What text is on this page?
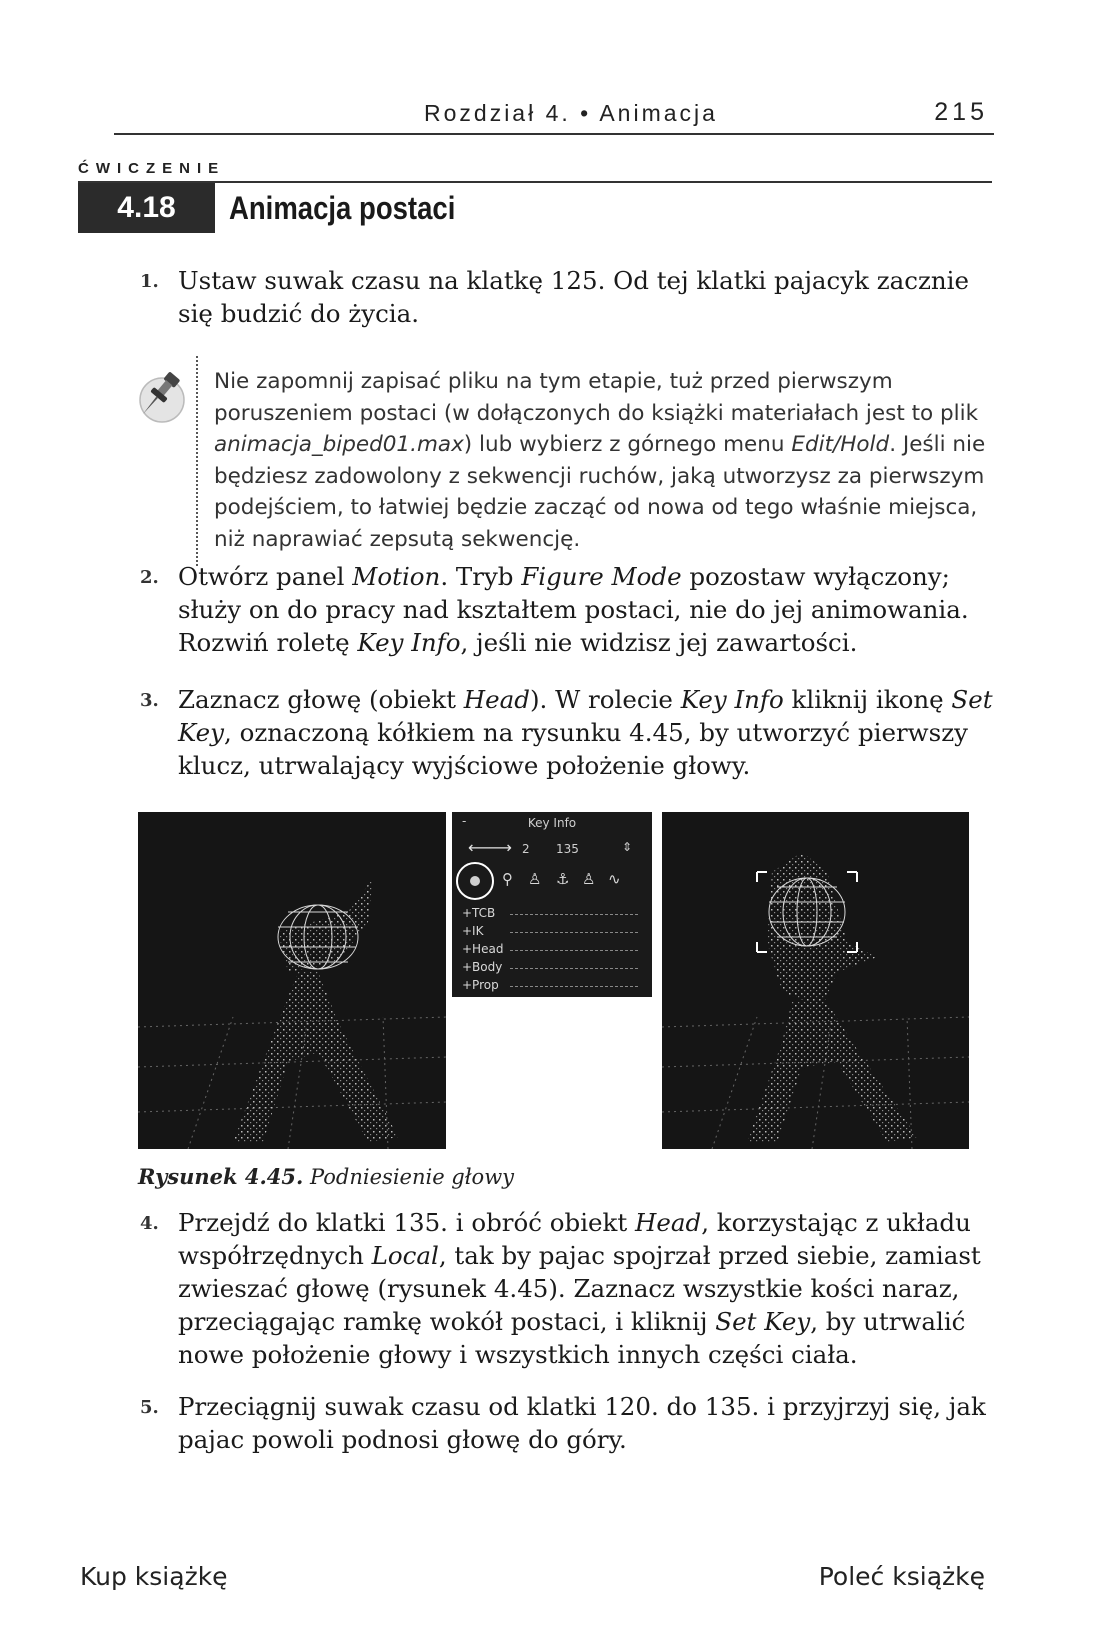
Rozdział 4. • Animacja	215
ĆWICZENIE
4.18	Animacja postaci
1. Ustaw suwak czasu na klatkę 125. Od tej klatki pajacyk zacznie się budzić do życia.
Nie zapomnij zapisać pliku na tym etapie, tuż przed pierwszym poruszeniem postaci (w dołączonych do książki materiałach jest to plik animacja_biped01.max) lub wybierz z górnego menu Edit/Hold. Jeśli nie będziesz zadowolony z sekwencji ruchów, jaką utworzysz za pierwszym podejściem, to łatwiej będzie zacząć od nowa od tego właśnie miejsca, niż naprawiać zepsutą sekwencję.
2. Otwórz panel Motion. Tryb Figure Mode pozostaw wyłączony; służy on do pracy nad kształtem postaci, nie do jej animowania. Rozwiń roletę Key Info, jeśli nie widzisz jej zawartości.
3. Zaznacz głowę (obiekt Head). W rolecie Key Info kliknij ikonę Set Key, oznaczoną kółkiem na rysunku 4.45, by utworzyć pierwszy klucz, utrwalający wyjściowe położenie głowy.
-	Key Info
⟵⟶ 2 135	⇕
⚲ ♙ ⚓ ♙ ∿
+TCB
+IK
+Head
+Body
+Prop
Rysunek 4.45. Podniesienie głowy
4. Przejdź do klatki 135. i obróć obiekt Head, korzystając z układu współrzędnych Local, tak by pajac spojrzał przed siebie, zamiast zwieszać głowę (rysunek 4.45). Zaznacz wszystkie kości naraz, przeciągając ramkę wokół postaci, i kliknij Set Key, by utrwalić nowe położenie głowy i wszystkich innych części ciała.
5. Przeciągnij suwak czasu od klatki 120. do 135. i przyjrzyj się, jak pajac powoli podnosi głowę do góry.
Kup książkę	Poleć książkę
